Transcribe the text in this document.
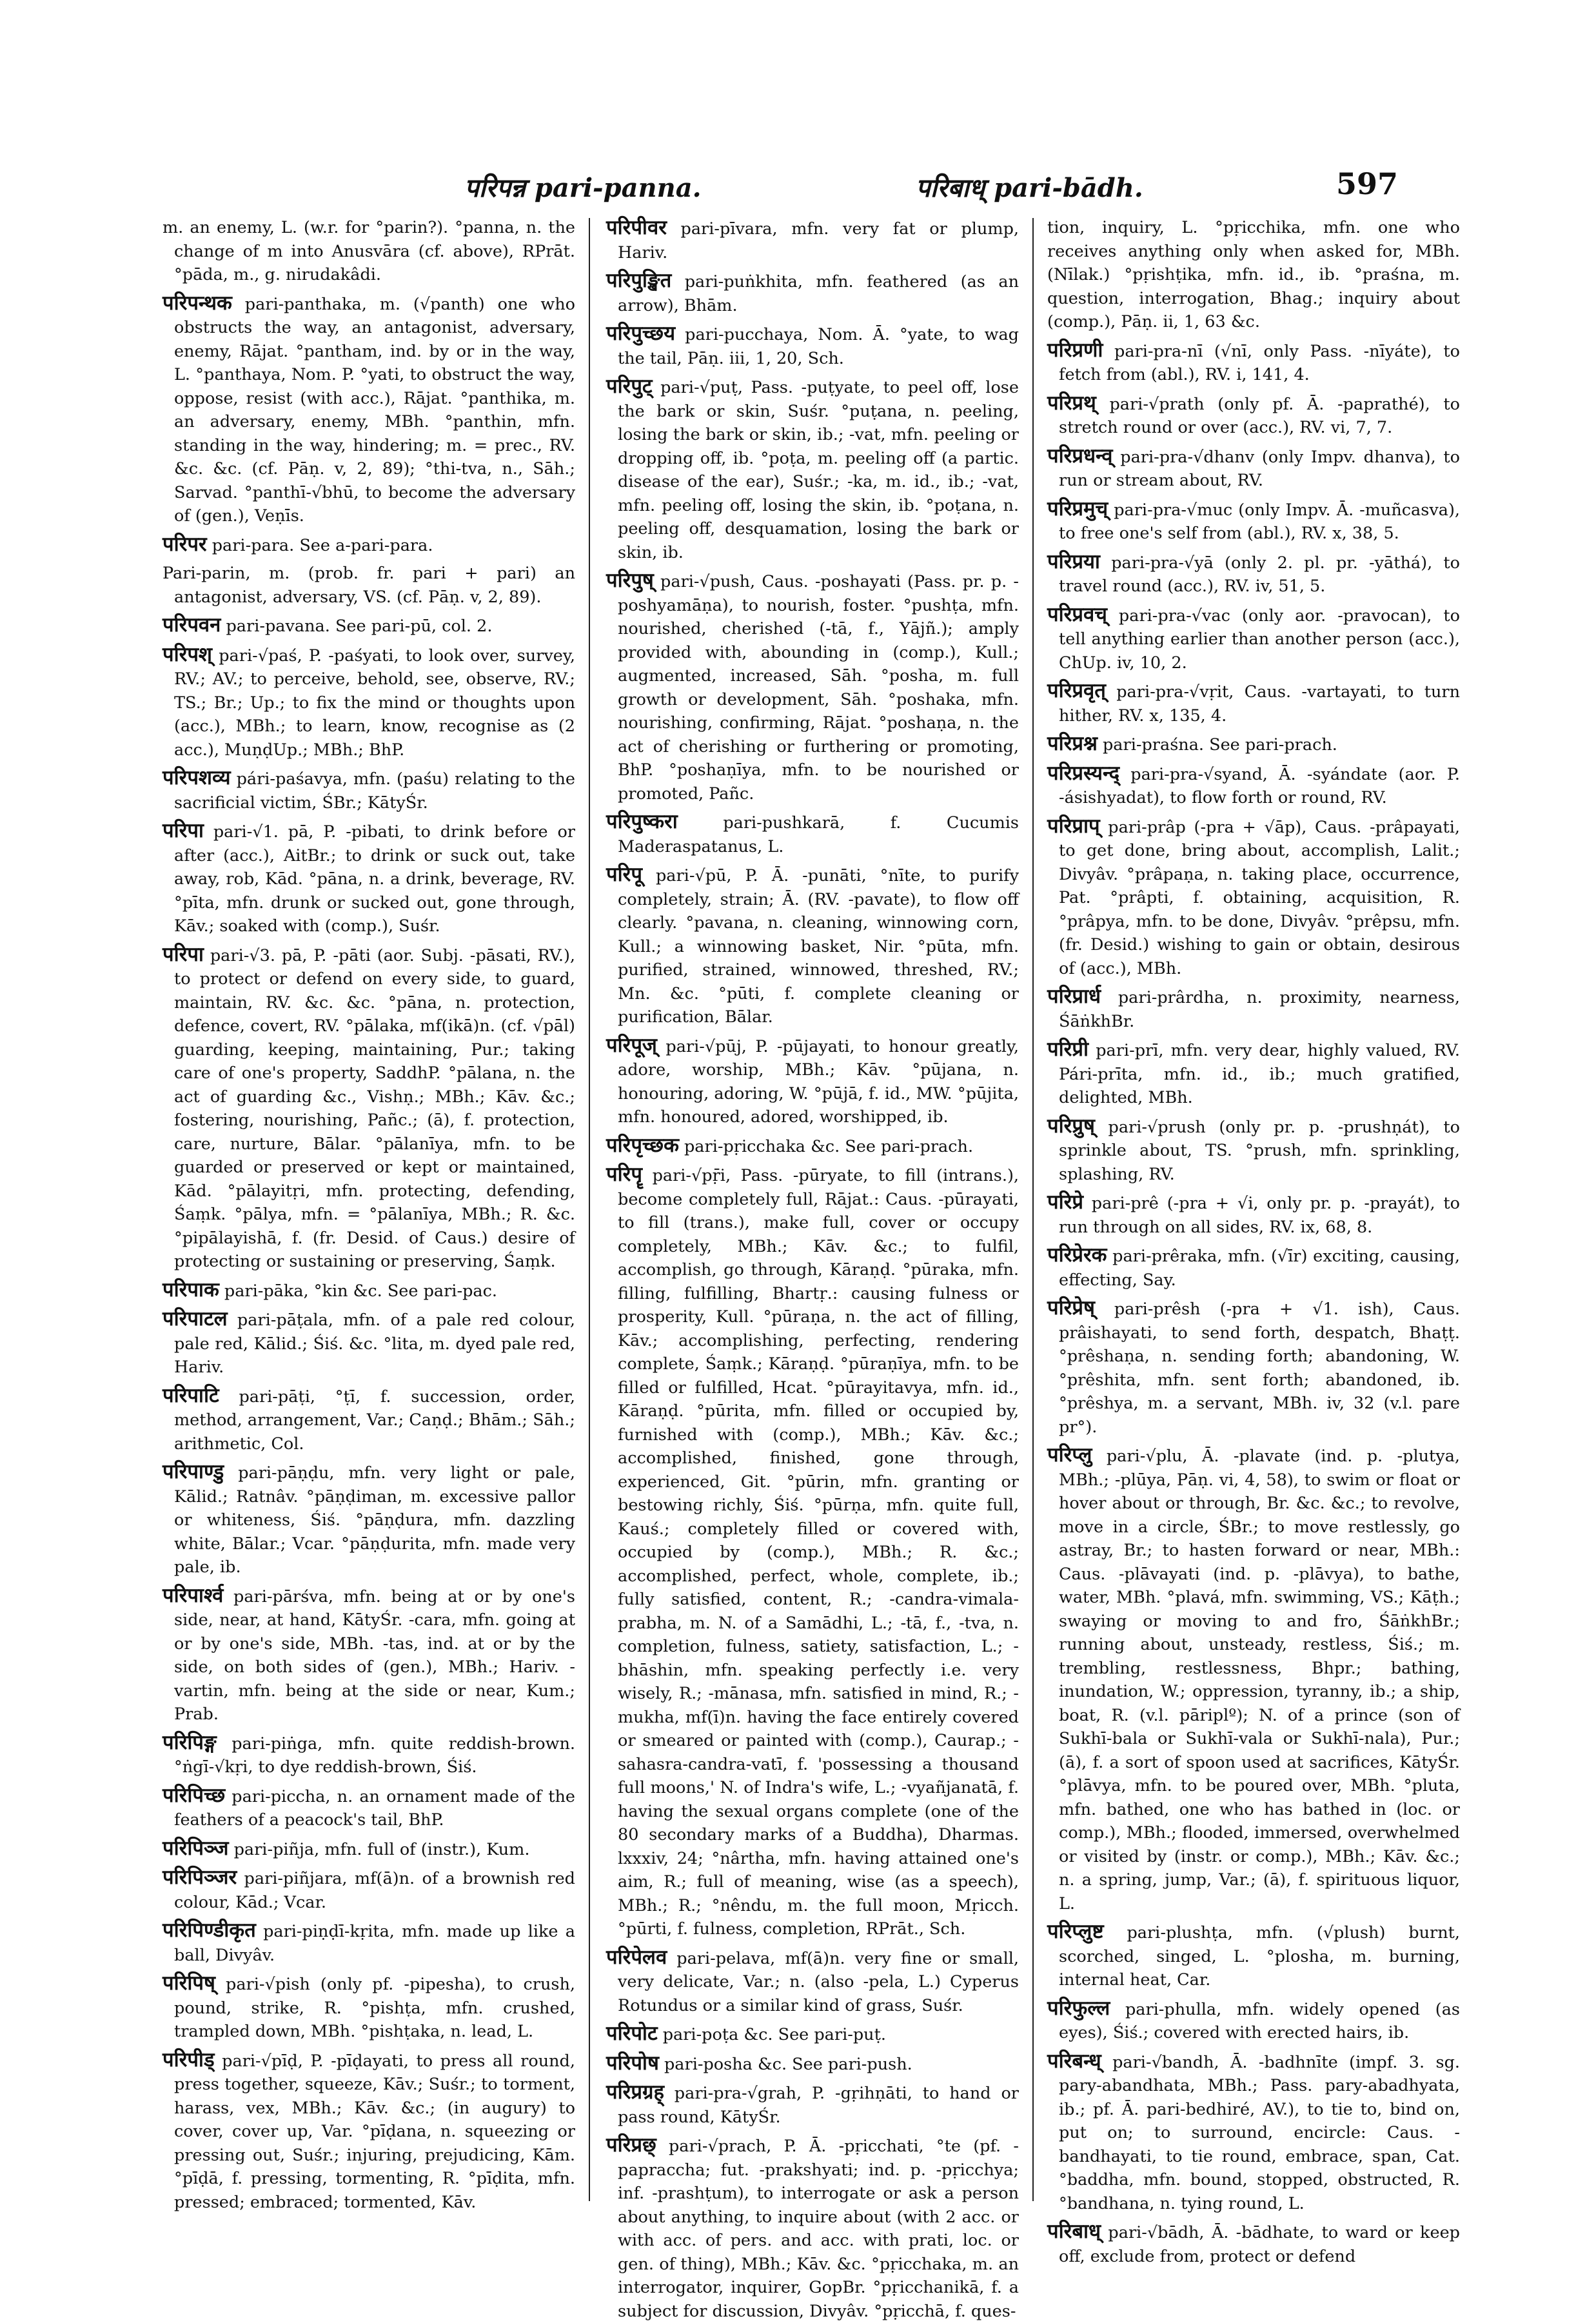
परिपन्न pari-panna.	परिबाध् pari-bādh.	597

m. an enemy, L. (w.r. for °parin?). °panna, n. the change of m into Anusvāra (cf. above), RPrāt. °pāda, m., g. nirudakâdi.

परिपन्थक pari-panthaka, m. (√panth) one who obstructs the way, an antagonist, adversary, enemy, Rājat. °pantham, ind. by or in the way, L. °panthaya, Nom. P. °yati, to obstruct the way, oppose, resist (with acc.), Rājat. °panthika, m. an adversary, enemy, MBh. °panthin, mfn. standing in the way, hindering; m. = prec., RV. &c. &c. (cf. Pāṇ. v, 2, 89); °thi-tva, n., Sāh.; Sarvad. °panthī-√bhū, to become the adversary of (gen.), Veṇīs.

परिपर pari-para. See a-pari-para.

Pari-parin, m. (prob. fr. pari + pari) an antagonist, adversary, VS. (cf. Pāṇ. v, 2, 89).

परिपवन pari-pavana. See pari-pū, col. 2.

परिपश् pari-√paś, P. -paśyati, to look over, survey, RV.; AV.; to perceive, behold, see, observe, RV.; TS.; Br.; Up.; to fix the mind or thoughts upon (acc.), MBh.; to learn, know, recognise as (2 acc.), MuṇḍUp.; MBh.; BhP.

परिपशव्य pári-paśavya, mfn. (paśu) relating to the sacrificial victim, ŚBr.; KātyŚr.

परिपा pari-√1. pā, P. -pibati, to drink before or after (acc.), AitBr.; to drink or suck out, take away, rob, Kād. °pāna, n. a drink, beverage, RV. °pīta, mfn. drunk or sucked out, gone through, Kāv.; soaked with (comp.), Suśr.

परिपा pari-√3. pā, P. -pāti (aor. Subj. -pāsati, RV.), to protect or defend on every side, to guard, maintain, RV. &c. &c. °pāna, n. protection, defence, covert, RV. °pālaka, mf(ikā)n. (cf. √pāl) guarding, keeping, maintaining, Pur.; taking care of one's property, SaddhP. °pālana, n. the act of guarding &c., Vishṇ.; MBh.; Kāv. &c.; fostering, nourishing, Pañc.; (ā), f. protection, care, nurture, Bālar. °pālanīya, mfn. to be guarded or preserved or kept or maintained, Kād. °pālayitṛi, mfn. protecting, defending, Śaṃk. °pālya, mfn. = °pālanīya, MBh.; R. &c. °pipālayishā, f. (fr. Desid. of Caus.) desire of protecting or sustaining or preserving, Śaṃk.

परिपाक pari-pāka, °kin &c. See pari-pac.

परिपाटल pari-pāṭala, mfn. of a pale red colour, pale red, Kālid.; Śiś. &c. °lita, m. dyed pale red, Hariv.

परिपाटि pari-pāṭi, °ṭī, f. succession, order, method, arrangement, Var.; Caṇḍ.; Bhām.; Sāh.; arithmetic, Col.

परिपाण्डु pari-pāṇḍu, mfn. very light or pale, Kālid.; Ratnâv. °pāṇḍiman, m. excessive pallor or whiteness, Śiś. °pāṇḍura, mfn. dazzling white, Bālar.; Vcar. °pāṇḍurita, mfn. made very pale, ib.

परिपार्श्व pari-pārśva, mfn. being at or by one's side, near, at hand, KātyŚr. -cara, mfn. going at or by one's side, MBh. -tas, ind. at or by the side, on both sides of (gen.), MBh.; Hariv. -vartin, mfn. being at the side or near, Kum.; Prab.

परिपिङ्ग pari-piṅga, mfn. quite reddish-brown. °ṅgī-√kṛi, to dye reddish-brown, Śiś.

परिपिच्छ pari-piccha, n. an ornament made of the feathers of a peacock's tail, BhP.

परिपिञ्ज pari-piñja, mfn. full of (instr.), Kum.

परिपिञ्जर pari-piñjara, mf(ā)n. of a brownish red colour, Kād.; Vcar.

परिपिण्डीकृत pari-piṇḍī-kṛita, mfn. made up like a ball, Divyâv.

परिपिष् pari-√pish (only pf. -pipesha), to crush, pound, strike, R. °pishṭa, mfn. crushed, trampled down, MBh. °pishṭaka, n. lead, L.

परिपीड् pari-√pīḍ, P. -pīḍayati, to press all round, press together, squeeze, Kāv.; Suśr.; to torment, harass, vex, MBh.; Kāv. &c.; (in augury) to cover, cover up, Var. °pīḍana, n. squeezing or pressing out, Suśr.; injuring, prejudicing, Kām. °pīḍā, f. pressing, tormenting, R. °pīḍita, mfn. pressed; embraced; tormented, Kāv.

परिपीवर pari-pīvara, mfn. very fat or plump, Hariv.

परिपुङ्खित pari-puṅkhita, mfn. feathered (as an arrow), Bhām.

परिपुच्छय pari-pucchaya, Nom. Ā. °yate, to wag the tail, Pāṇ. iii, 1, 20, Sch.

परिपुट् pari-√puṭ, Pass. -puṭyate, to peel off, lose the bark or skin, Suśr. °puṭana, n. peeling, losing the bark or skin, ib.; -vat, mfn. peeling or dropping off, ib. °poṭa, m. peeling off (a partic. disease of the ear), Suśr.; -ka, m. id., ib.; -vat, mfn. peeling off, losing the skin, ib. °poṭana, n. peeling off, desquamation, losing the bark or skin, ib.

परिपुष् pari-√push, Caus. -poshayati (Pass. pr. p. -poshyamāṇa), to nourish, foster. °pushṭa, mfn. nourished, cherished (-tā, f., Yājñ.); amply provided with, abounding in (comp.), Kull.; augmented, increased, Sāh. °posha, m. full growth or development, Sāh. °poshaka, mfn. nourishing, confirming, Rājat. °poshaṇa, n. the act of cherishing or furthering or promoting, BhP. °poshaṇīya, mfn. to be nourished or promoted, Pañc.

परिपुष्करा	pari-pushkarā, f. Cucumis Maderaspatanus, L.

परिपू pari-√pū, P. Ā. -punāti, °nīte, to purify completely, strain; Ā. (RV. -pavate), to flow off clearly. °pavana, n. cleaning, winnowing corn, Kull.; a winnowing basket, Nir. °pūta, mfn. purified, strained, winnowed, threshed, RV.; Mn. &c. °pūti, f. complete cleaning or purification, Bālar.

परिपूज् pari-√pūj, P. -pūjayati, to honour greatly, adore, worship, MBh.; Kāv. °pūjana, n. honouring, adoring, W. °pūjā, f. id., MW. °pūjita, mfn. honoured, adored, worshipped, ib.

परिपृच्छक pari-pṛicchaka &c. See pari-prach.

परिपॄ pari-√pṝi, Pass. -pūryate, to fill (intrans.), become completely full, Rājat.: Caus. -pūrayati, to fill (trans.), make full, cover or occupy completely, MBh.; Kāv. &c.; to fulfil, accomplish, go through, Kāraṇḍ. °pūraka, mfn. filling, fulfilling, Bhartṛ.: causing fulness or prosperity, Kull. °pūraṇa, n. the act of filling, Kāv.; accomplishing, perfecting, rendering complete, Śaṃk.; Kāraṇḍ. °pūraṇīya, mfn. to be filled or fulfilled, Hcat. °pūrayitavya, mfn. id., Kāraṇḍ. °pūrita, mfn. filled or occupied by, furnished with (comp.), MBh.; Kāv. &c.; accomplished, finished, gone through, experienced, Git. °pūrin, mfn. granting or bestowing richly, Śiś. °pūrṇa, mfn. quite full, Kauś.; completely filled or covered with, occupied by (comp.), MBh.; R. &c.; accomplished, perfect, whole, complete, ib.; fully satisfied, content, R.; -candra-vimala-prabha, m. N. of a Samādhi, L.; -tā, f., -tva, n. completion, fulness, satiety, satisfaction, L.; -bhāshin, mfn. speaking perfectly i.e. very wisely, R.; -mānasa, mfn. satisfied in mind, R.; -mukha, mf(ī)n. having the face entirely covered or smeared or painted with (comp.), Caurap.; -sahasra-candra-vatī, f. 'possessing a thousand full moons,' N. of Indra's wife, L.; -vyañjanatā, f. having the sexual organs complete (one of the 80 secondary marks of a Buddha), Dharmas. lxxxiv, 24; °nârtha, mfn. having attained one's aim, R.; full of meaning, wise (as a speech), MBh.; R.; °nêndu, m. the full moon, Mṛicch. °pūrti, f. fulness, completion, RPrāt., Sch.

परिपेलव pari-pelava, mf(ā)n. very fine or small, very delicate, Var.; n. (also -pela, L.) Cyperus Rotundus or a similar kind of grass, Suśr.

परिपोट pari-poṭa &c. See pari-puṭ.

परिपोष pari-posha &c. See pari-push.

परिप्रग्रह् pari-pra-√grah, P. -gṛihṇāti, to hand or pass round, KātyŚr.

परिप्रछ् pari-√prach, P. Ā. -pṛicchati, °te (pf. -papraccha; fut. -prakshyati; ind. p. -pṛicchya; inf. -prashṭum), to interrogate or ask a person about anything, to inquire about (with 2 acc. or with acc. of pers. and acc. with prati, loc. or gen. of thing), MBh.; Kāv. &c. °pṛicchaka, m. an interrogator, inquirer, GopBr. °pṛicchanikā, f. a subject for discussion, Divyâv. °pṛicchā, f. ques-

tion, inquiry, L. °pṛicchika, mfn. one who receives anything only when asked for, MBh. (Nīlak.) °pṛishṭika, mfn. id., ib. °praśna, m. question, interrogation, Bhag.; inquiry about (comp.), Pāṇ. ii, 1, 63 &c.

परिप्रणी pari-pra-nī (√nī, only Pass. -nīyáte), to fetch from (abl.), RV. i, 141, 4.

परिप्रथ् pari-√prath (only pf. Ā. -paprathé), to stretch round or over (acc.), RV. vi, 7, 7.

परिप्रधन्व् pari-pra-√dhanv (only Impv. dhanva), to run or stream about, RV.

परिप्रमुच् pari-pra-√muc (only Impv. Ā. -muñcasva), to free one's self from (abl.), RV. x, 38, 5.

परिप्रया pari-pra-√yā (only 2. pl. pr. -yāthá), to travel round (acc.), RV. iv, 51, 5.

परिप्रवच् pari-pra-√vac (only aor. -pravocan), to tell anything earlier than another person (acc.), ChUp. iv, 10, 2.

परिप्रवृत् pari-pra-√vṛit, Caus. -vartayati, to turn hither, RV. x, 135, 4.

परिप्रश्न pari-praśna. See pari-prach.

परिप्रस्यन्द् pari-pra-√syand, Ā. -syándate (aor. P. -ásishyadat), to flow forth or round, RV.

परिप्राप् pari-prâp (-pra + √āp), Caus. -prâpayati, to get done, bring about, accomplish, Lalit.; Divyâv. °prâpaṇa, n. taking place, occurrence, Pat. °prâpti, f. obtaining, acquisition, R. °prâpya, mfn. to be done, Divyâv. °prêpsu, mfn. (fr. Desid.) wishing to gain or obtain, desirous of (acc.), MBh.

परिप्रार्ध pari-prârdha, n. proximity, nearness, ŚāṅkhBr.

परिप्री pari-prī, mfn. very dear, highly valued, RV. Pári-prīta, mfn. id., ib.; much gratified, delighted, MBh.

परिप्रुष् pari-√prush (only pr. p. -prushṇát), to sprinkle about, TS. °prush, mfn. sprinkling, splashing, RV.

परिप्रे pari-prê (-pra + √i, only pr. p. -prayát), to run through on all sides, RV. ix, 68, 8.

परिप्रेरक pari-prêraka, mfn. (√īr) exciting, causing, effecting, Say.

परिप्रेष् pari-prêsh (-pra + √1. ish), Caus. prâishayati, to send forth, despatch, Bhaṭṭ. °prêshaṇa, n. sending forth; abandoning, W. °prêshita, mfn. sent forth; abandoned, ib. °prêshya, m. a servant, MBh. iv, 32 (v.l. pare pr°).

परिप्लु pari-√plu, Ā. -plavate (ind. p. -plutya, MBh.; -plūya, Pāṇ. vi, 4, 58), to swim or float or hover about or through, Br. &c. &c.; to revolve, move in a circle, ŚBr.; to move restlessly, go astray, Br.; to hasten forward or near, MBh.: Caus. -plāvayati (ind. p. -plāvya), to bathe, water, MBh. °plavá, mfn. swimming, VS.; Kāṭh.; swaying or moving to and fro, ŚāṅkhBr.; running about, unsteady, restless, Śiś.; m. trembling, restlessness, Bhpr.; bathing, inundation, W.; oppression, tyranny, ib.; a ship, boat, R. (v.l. pāriplº); N. of a prince (son of Sukhī-bala or Sukhī-vala or Sukhī-nala), Pur.; (ā), f. a sort of spoon used at sacrifices, KātyŚr. °plāvya, mfn. to be poured over, MBh. °pluta, mfn. bathed, one who has bathed in (loc. or comp.), MBh.; flooded, immersed, overwhelmed or visited by (instr. or comp.), MBh.; Kāv. &c.; n. a spring, jump, Var.; (ā), f. spirituous liquor, L.

परिप्लुष्ट pari-plushṭa, mfn. (√plush) burnt, scorched, singed, L. °plosha, m. burning, internal heat, Car.

परिफुल्ल pari-phulla, mfn. widely opened (as eyes), Śiś.; covered with erected hairs, ib.

परिबन्ध् pari-√bandh, Ā. -badhnīte (impf. 3. sg. pary-abandhata, MBh.; Pass. pary-abadhyata, ib.; pf. Ā. pari-bedhiré, AV.), to tie to, bind on, put on; to surround, encircle: Caus. -bandhayati, to tie round, embrace, span, Cat. °baddha, mfn. bound, stopped, obstructed, R. °bandhana, n. tying round, L.

परिबाध् pari-√bādh, Ā. -bādhate, to ward or keep off, exclude from, protect or defend
